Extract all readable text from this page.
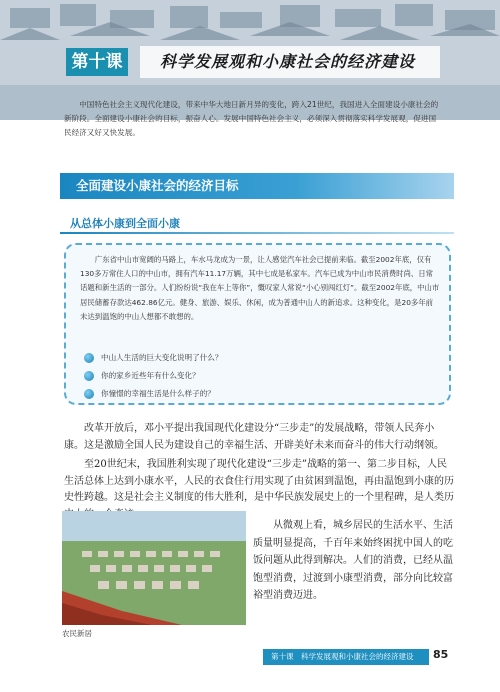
第十课	科学发展观和小康社会的经济建设

中国特色社会主义现代化建设，带来中华大地日新月异的变化，跨入21世纪，我国进入全面建设小康社会的新阶段。全面建设小康社会的目标，振奋人心。发展中国特色社会主义，必须深入贯彻落实科学发展观，促进国民经济又好又快发展。

全面建设小康社会的经济目标
从总体小康到全面小康

广东省中山市宽阔的马路上，车水马龙成为一景，让人感觉汽车社会已提前来临。截至2002年底，仅有130多万常住人口的中山市，拥有汽车11.17万辆，其中七成是私家车。汽车已成为中山市民消费时尚、日常话题和新生活的一部分。人们纷纷说“我在车上等你”，慨叹家人常说“小心别闯红灯”。截至2002年底，中山市居民储蓄存款达462.86亿元。健身、旅游、娱乐、休闲，成为普通中山人的新追求。这种变化，是20多年前未达到温饱的中山人想都不敢想的。

中山人生活的巨大变化说明了什么？
你的家乡近些年有什么变化？
你憧憬的幸福生活是什么样子的？

改革开放后，邓小平提出我国现代化建设分“三步走”的发展战略，带领人民奔小康。这是激励全国人民为建设自己的幸福生活、开辟美好未来而奋斗的伟大行动纲领。

至20世纪末，我国胜利实现了现代化建设“三步走”战略的第一、第二步目标，人民生活总体上达到小康水平，人民的衣食住行用实现了由贫困到温饱，再由温饱到小康的历史性跨越。这是社会主义制度的伟大胜利，是中华民族发展史上的一个里程碑，是人类历

农民新居

从微观上看，城乡居民的生活水平、生活质量明显提高，千百年来始终困扰中国人的吃饭问题从此得到解决。人们的消费，已经从温饱型消费，过渡到小康型消费，部分向比较富裕型消费迈进。

第十课　科学发展观和小康社会的经济建设	85
